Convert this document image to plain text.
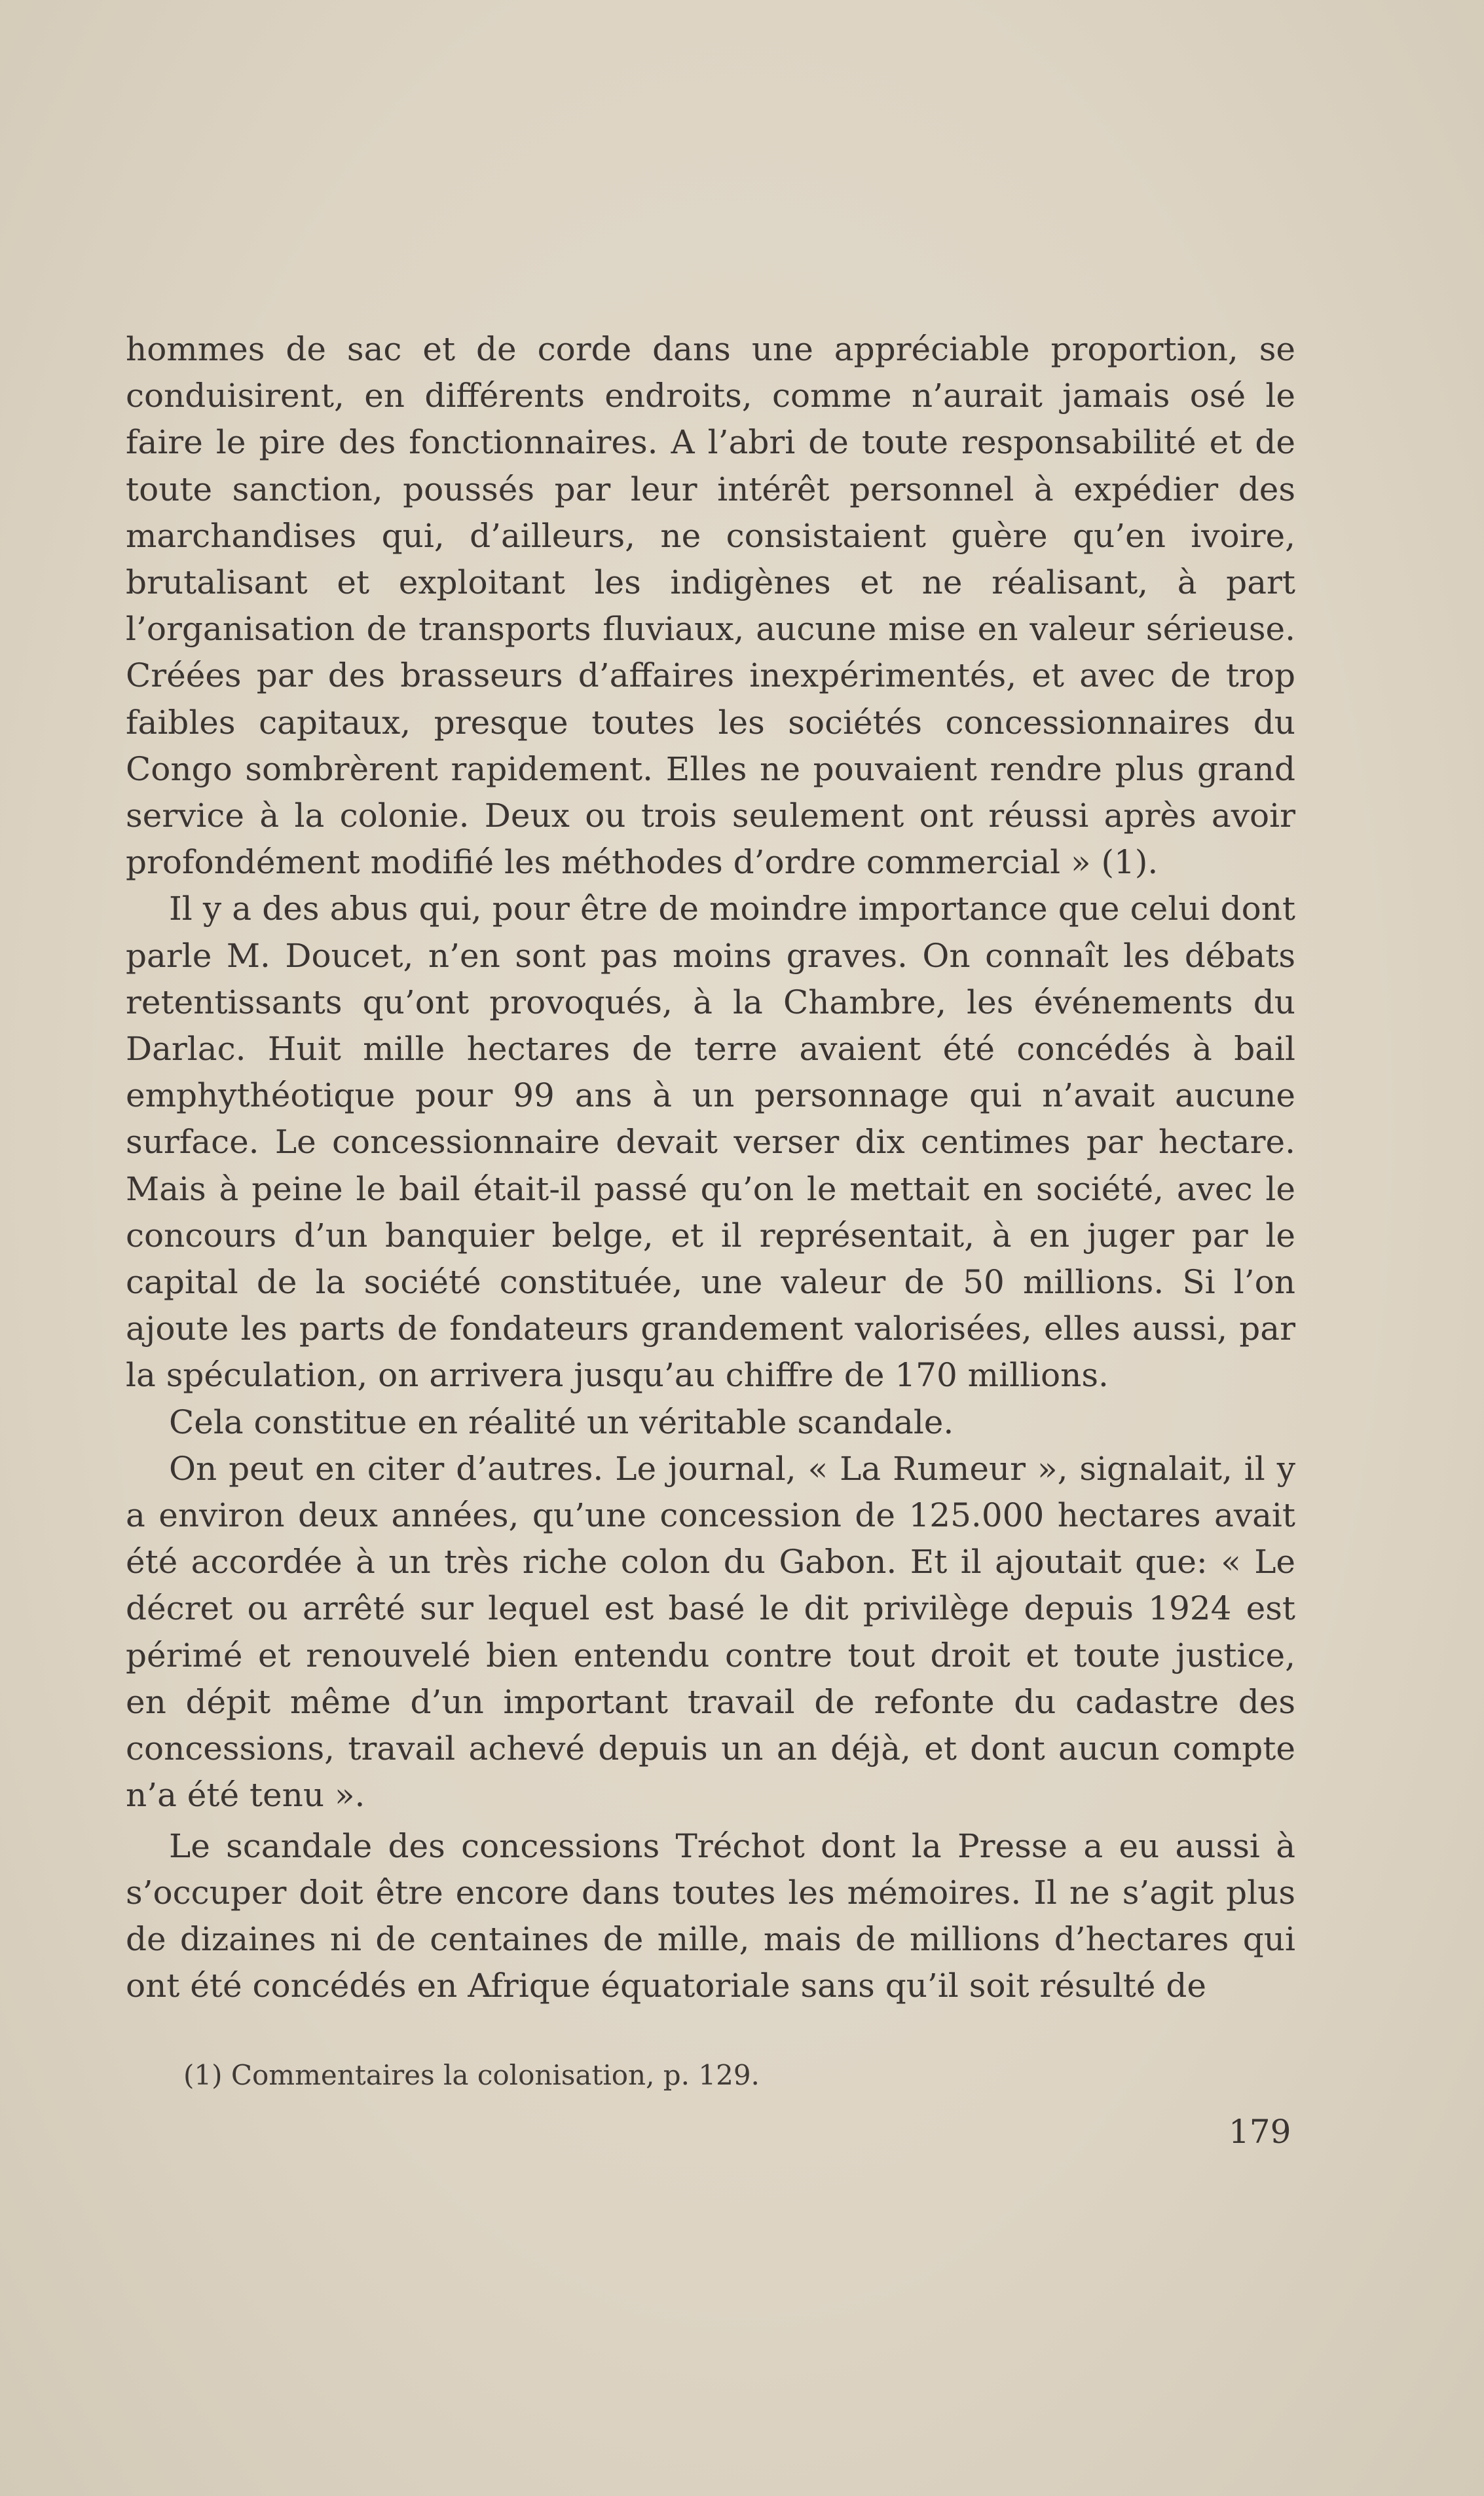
hommes de sac et de corde dans une appréciable proportion, se conduisirent, en différents endroits, comme n’aurait jamais osé le faire le pire des fonctionnaires. A l’abri de toute responsabilité et de toute sanction, poussés par leur intérêt personnel à expédier des marchandises qui, d’ailleurs, ne consistaient guère qu’en ivoire, brutalisant et exploitant les indigènes et ne réalisant, à part l’organisation de transports fluviaux, aucune mise en valeur sérieuse. Créées par des brasseurs d’affaires inexpérimentés, et avec de trop faibles capitaux, presque toutes les sociétés concessionnaires du Congo sombrèrent rapidement. Elles ne pouvaient rendre plus grand service à la colonie. Deux ou trois seulement ont réussi après avoir profondément modifié les méthodes d’ordre commercial » (1).

Il y a des abus qui, pour être de moindre importance que celui dont parle M. Doucet, n’en sont pas moins graves. On connaît les débats retentissants qu’ont provoqués, à la Chambre, les événements du Darlac. Huit mille hectares de terre avaient été concédés à bail emphythéotique pour 99 ans à un personnage qui n’avait aucune surface. Le concessionnaire devait verser dix centimes par hectare. Mais à peine le bail était-il passé qu’on le mettait en société, avec le concours d’un banquier belge, et il représentait, à en juger par le capital de la société constituée, une valeur de 50 millions. Si l’on ajoute les parts de fondateurs grandement valorisées, elles aussi, par la spéculation, on arrivera jusqu’au chiffre de 170 millions.

Cela constitue en réalité un véritable scandale.

On peut en citer d’autres. Le journal, « La Rumeur », signalait, il y a environ deux années, qu’une concession de 125.000 hectares avait été accordée à un très riche colon du Gabon. Et il ajoutait que: « Le décret ou arrêté sur lequel est basé le dit privilège depuis 1924 est périmé et renouvelé bien entendu contre tout droit et toute justice, en dépit même d’un important travail de refonte du cadastre des concessions, travail achevé depuis un an déjà, et dont aucun compte n’a été tenu ».

Le scandale des concessions Tréchot dont la Presse a eu aussi à s’occuper doit être encore dans toutes les mémoires. Il ne s’agit plus de dizaines ni de centaines de mille, mais de millions d’hectares qui ont été concédés en Afrique équatoriale sans qu’il soit résulté de

(1) Commentaires la colonisation, p. 129.
179
